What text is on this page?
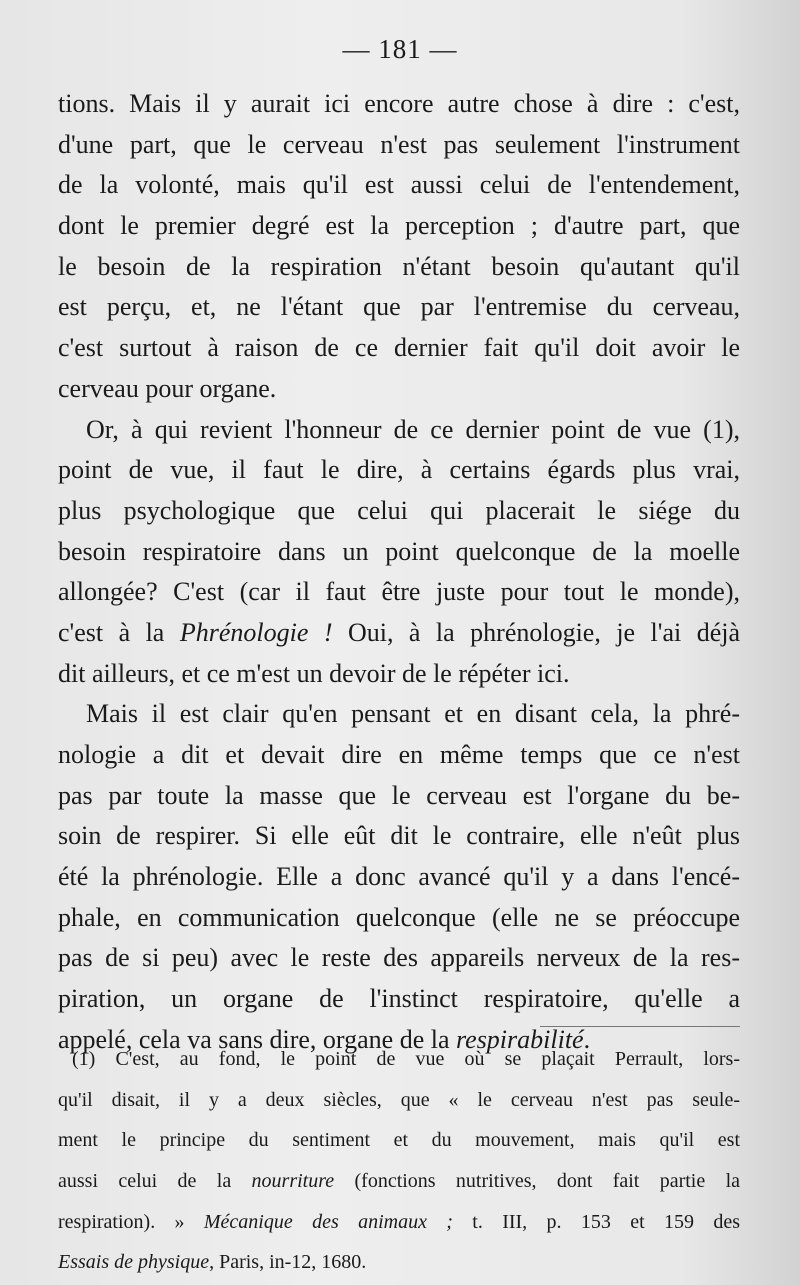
— 181 —
tions. Mais il y aurait ici encore autre chose à dire : c'est,
d'une part, que le cerveau n'est pas seulement l'instrument
de la volonté, mais qu'il est aussi celui de l'entendement,
dont le premier degré est la perception ; d'autre part, que
le besoin de la respiration n'étant besoin qu'autant qu'il
est perçu, et, ne l'étant que par l'entremise du cerveau,
c'est surtout à raison de ce dernier fait qu'il doit avoir le
cerveau pour organe.
Or, à qui revient l'honneur de ce dernier point de vue (1),
point de vue, il faut le dire, à certains égards plus vrai,
plus psychologique que celui qui placerait le siége du
besoin respiratoire dans un point quelconque de la moelle
allongée? C'est (car il faut être juste pour tout le monde),
c'est à la Phrénologie ! Oui, à la phrénologie, je l'ai déjà
dit ailleurs, et ce m'est un devoir de le répéter ici.
Mais il est clair qu'en pensant et en disant cela, la phré-
nologie a dit et devait dire en même temps que ce n'est
pas par toute la masse que le cerveau est l'organe du be-
soin de respirer. Si elle eût dit le contraire, elle n'eût plus
été la phrénologie. Elle a donc avancé qu'il y a dans l'encé-
phale, en communication quelconque (elle ne se préoccupe
pas de si peu) avec le reste des appareils nerveux de la res-
piration, un organe de l'instinct respiratoire, qu'elle a
appelé, cela va sans dire, organe de la respirabilité.
(1) C'est, au fond, le point de vue où se plaçait Perrault, lors-
qu'il disait, il y a deux siècles, que « le cerveau n'est pas seule-
ment le principe du sentiment et du mouvement, mais qu'il est
aussi celui de la nourriture (fonctions nutritives, dont fait partie la
respiration). » Mécanique des animaux ; t. III, p. 153 et 159 des
Essais de physique, Paris, in-12, 1680.
